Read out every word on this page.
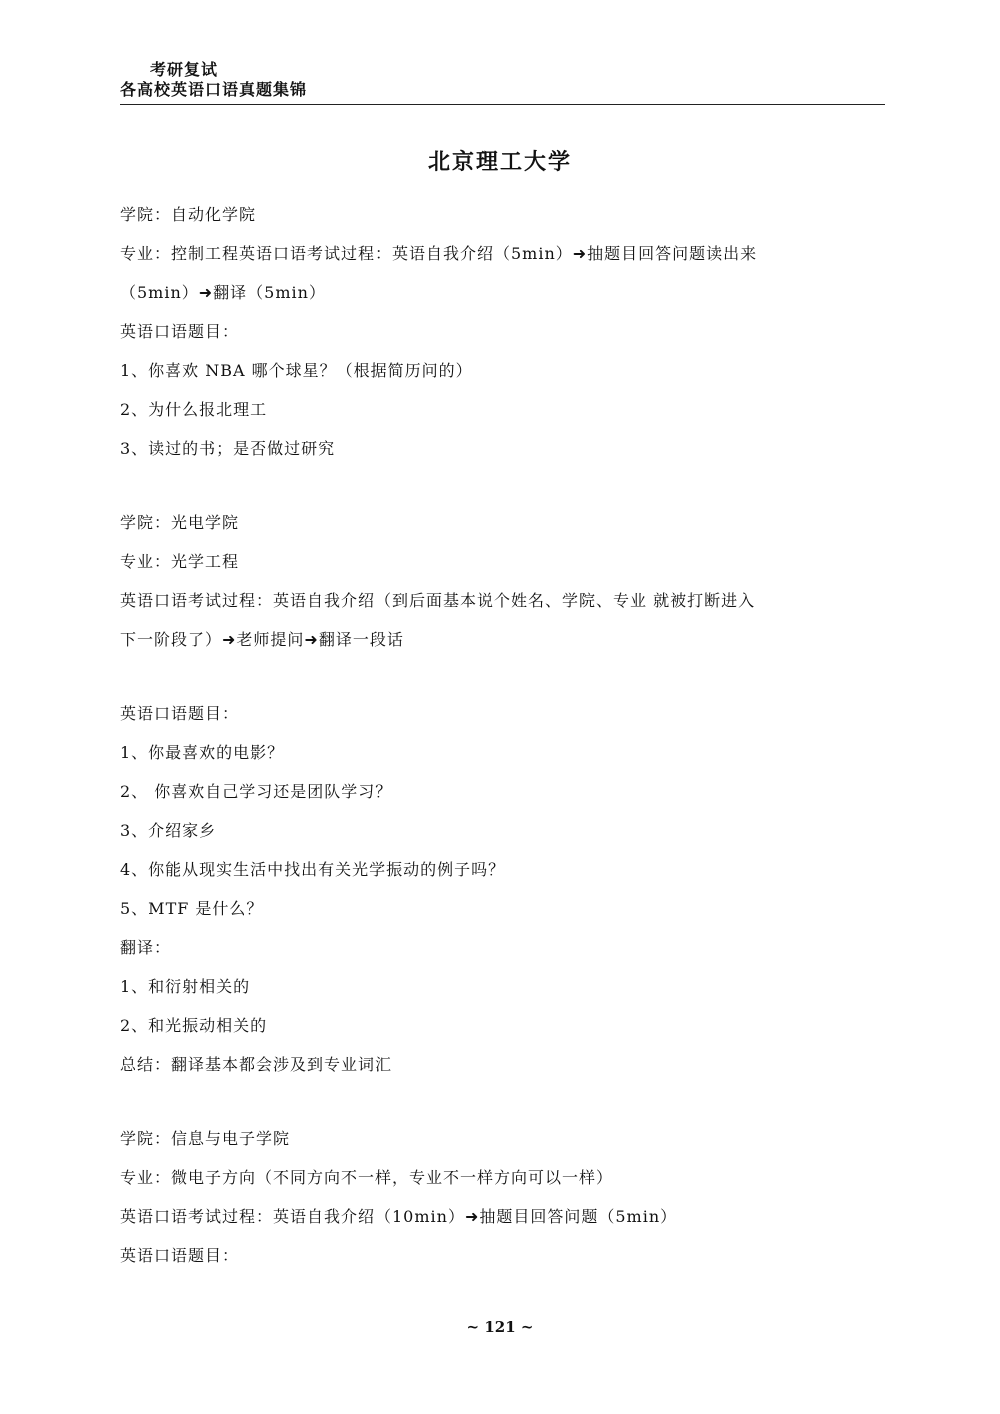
考研复试
各高校英语口语真题集锦
北京理工大学
学院：自动化学院
专业：控制工程英语口语考试过程：英语自我介绍（5min）➜抽题目回答问题读出来
（5min）➜翻译（5min）
英语口语题目：
1、你喜欢 NBA 哪个球星？（根据简历问的）
2、为什么报北理工
3、读过的书；是否做过研究
学院：光电学院
专业：光学工程
英语口语考试过程：英语自我介绍（到后面基本说个姓名、学院、专业 就被打断进入
下一阶段了）➜老师提问➜翻译一段话
英语口语题目：
1、你最喜欢的电影？
2、 你喜欢自己学习还是团队学习？
3、介绍家乡
4、你能从现实生活中找出有关光学振动的例子吗？
5、MTF 是什么？
翻译：
1、和衍射相关的
2、和光振动相关的
总结：翻译基本都会涉及到专业词汇
学院：信息与电子学院
专业：微电子方向（不同方向不一样，专业不一样方向可以一样）
英语口语考试过程：英语自我介绍（10min）➜抽题目回答问题（5min）
英语口语题目：
~ 121 ~
